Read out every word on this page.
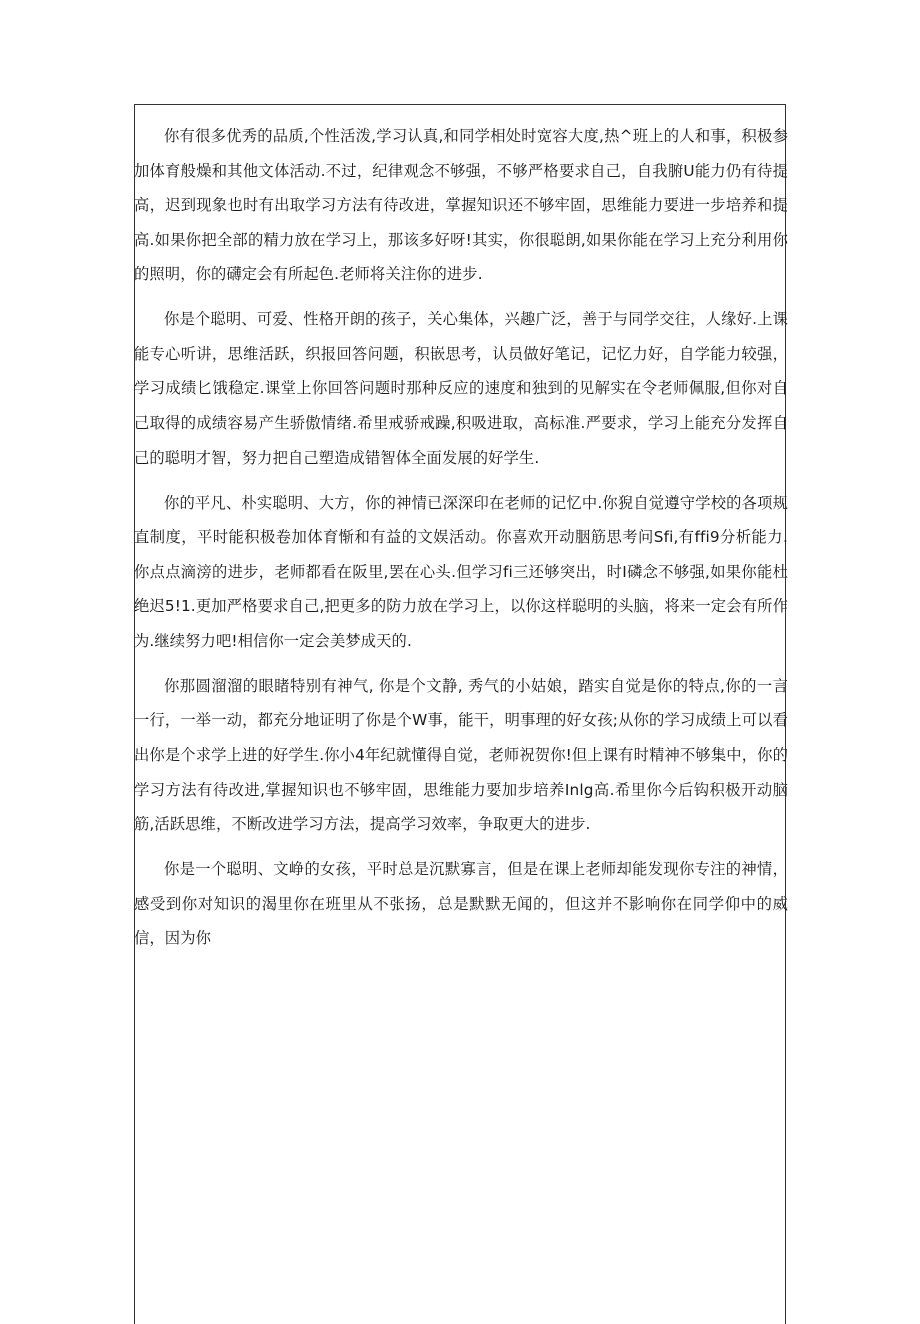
你有很多优秀的品质,个性活泼,学习认真,和同学相处时宽容大度,热^班上的人和事，积极参加体育般燥和其他文体活动.不过，纪律观念不够强，不够严格要求自己，自我腑U能力仍有待提高，迟到现象也时有出取学习方法有待改进，掌握知识还不够牢固，思维能力要进一步培养和提高.如果你把全部的精力放在学习上，那该多好呀!其实，你很聪朗,如果你能在学习上充分利用你的照明，你的礴定会有所起色.老师将关注你的进步.

你是个聪明、可爱、性格开朗的孩子，关心集体，兴趣广泛，善于与同学交往，人缘好.上课能专心听讲，思维活跃，织报回答问题，积嵌思考，认员做好笔记，记忆力好，自学能力较强，学习成绩匕饿稳定.课堂上你回答问题时那种反应的速度和独到的见解实在令老师佩服,但你对自己取得的成绩容易产生骄傲情绪.希里戒骄戒躁,积吸进取，高标准.严要求，学习上能充分发挥自己的聪明才智，努力把自己塑造成错智体全面发展的好学生.

你的平凡、朴实聪明、大方，你的神情已深深印在老师的记忆中.你猊自觉遵守学校的各项规直制度，平时能积极卷加体育惭和有益的文娱活动。你喜欢开动胭筋思考问Sfi,有ffi9分析能力.你点点滴滂的进步，老师都看在阪里,罢在心头.但学习fi三还够突出，时I磷念不够强,如果你能杜绝迟5!1.更加严格要求自己,把更多的防力放在学习上，以你这样聪明的头脑，将来一定会有所作为.继续努力吧!相信你一定会美梦成天的.

你那圆溜溜的眼睹特别有神气, 你是个文静, 秀气的小姑娘，踏实自觉是你的特点,你的一言一行，一举一动，都充分地证明了你是个W事，能干，明事理的好女孩;从你的学习成绩上可以看出你是个求学上进的好学生.你小4年纪就懂得自觉，老师祝贺你!但上课有时精神不够集中，你的学习方法有待改进,掌握知识也不够牢固，思维能力要加步培养Inlg高.希里你今后钩积极开动脑筋,活跃思维，不断改进学习方法，提高学习效率，争取更大的进步.

你是一个聪明、文峥的女孩，平时总是沉默寡言，但是在课上老师却能发现你专注的神情，感受到你对知识的渴里你在班里从不张扬，总是默默无闻的，但这并不影响你在同学仰中的威信，因为你
